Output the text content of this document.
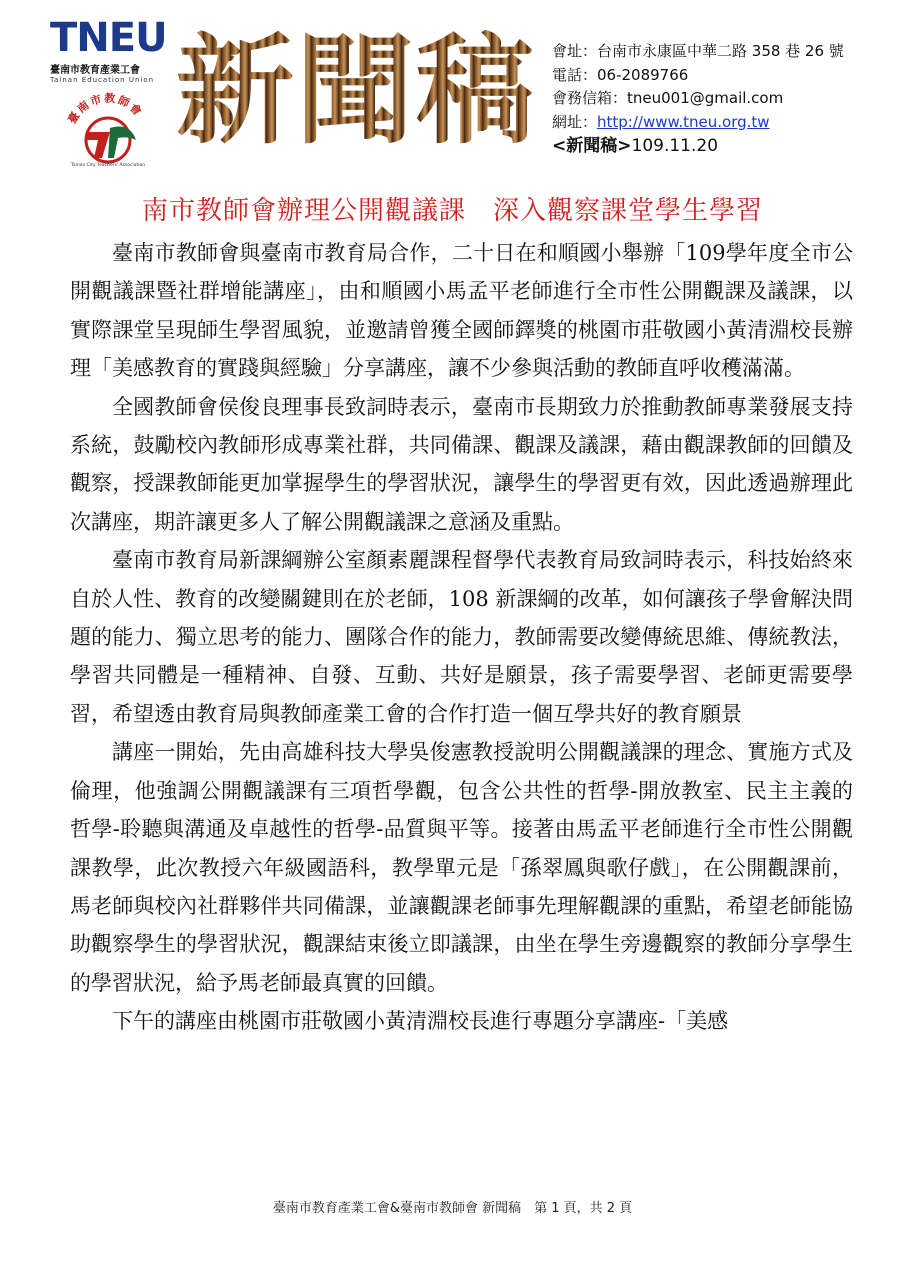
TNEU
臺南市教育產業工會
Tainan Education Union
臺南市教師會
Tainan City Teachers' Association
新聞稿 會址：台南市永康區中華二路 358 巷 26 號
電話：06-2089766
會務信箱：tneu001@gmail.com
網址：http://www.tneu.org.tw
<新聞稿>109.11.20
南市教師會辦理公開觀議課　深入觀察課堂學生學習

臺南市教師會與臺南市教育局合作，二十日在和順國小舉辦「109學年度全市公開觀議課暨社群增能講座」，由和順國小馬孟平老師進行全市性公開觀課及議課，以實際課堂呈現師生學習風貌，並邀請曾獲全國師鐸獎的桃園市莊敬國小黃清淵校長辦理「美感教育的實踐與經驗」分享講座，讓不少參與活動的教師直呼收穫滿滿。

全國教師會侯俊良理事長致詞時表示，臺南市長期致力於推動教師專業發展支持系統，鼓勵校內教師形成專業社群，共同備課、觀課及議課，藉由觀課教師的回饋及觀察，授課教師能更加掌握學生的學習狀況，讓學生的學習更有效，因此透過辦理此次講座，期許讓更多人了解公開觀議課之意涵及重點。

臺南市教育局新課綱辦公室顏素麗課程督學代表教育局致詞時表示，科技始終來自於人性、教育的改變關鍵則在於老師，108 新課綱的改革，如何讓孩子學會解決問題的能力、獨立思考的能力、團隊合作的能力，教師需要改變傳統思維、傳統教法，學習共同體是一種精神、自發、互動、共好是願景，孩子需要學習、老師更需要學習，希望透由教育局與教師產業工會的合作打造一個互學共好的教育願景

講座一開始，先由高雄科技大學吳俊憲教授說明公開觀議課的理念、實施方式及倫理，他強調公開觀議課有三項哲學觀，包含公共性的哲學-開放教室、民主主義的哲學-聆聽與溝通及卓越性的哲學-品質與平等。接著由馬孟平老師進行全市性公開觀課教學，此次教授六年級國語科，教學單元是「孫翠鳳與歌仔戲」，在公開觀課前，馬老師與校內社群夥伴共同備課，並讓觀課老師事先理解觀課的重點，希望老師能協助觀察學生的學習狀況，觀課結束後立即議課，由坐在學生旁邊觀察的教師分享學生的學習狀況，給予馬老師最真實的回饋。

下午的講座由桃園市莊敬國小黃清淵校長進行專題分享講座-「美感

臺南市教育產業工會&臺南市教師會 新聞稿　第 1 頁，共 2 頁
